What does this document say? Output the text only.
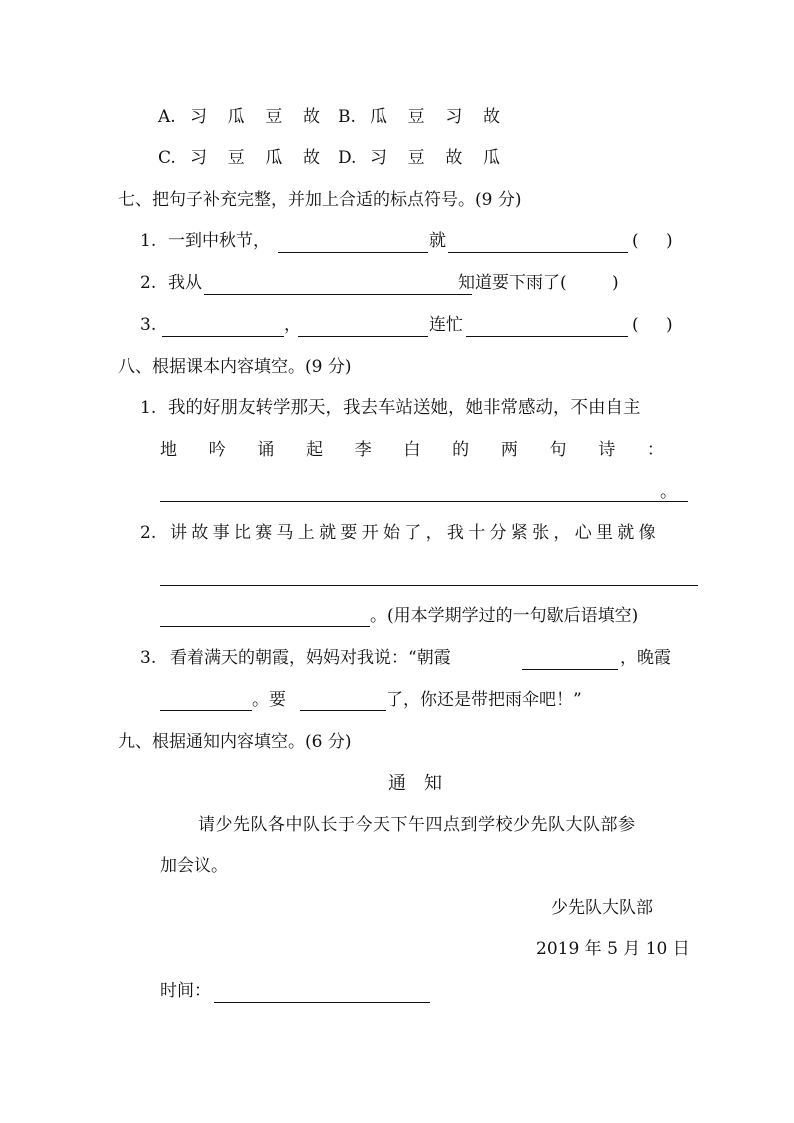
A. 习 瓜 豆 故 B. 瓜 豆 习 故
C. 习 豆 瓜 故 D. 习 豆 故 瓜
七、把句子补充完整，并加上合适的标点符号。(9 分)
1. 一到中秋节，	就	( )
2. 我从	知道要下雨了(	)
3.	，	连忙	( )
八、根据课本内容填空。(9 分)
1. 我的好朋友转学那天，我去车站送她，她非常感动，不由自主
地 吟 诵 起 李 白 的 两 句 诗 ：
。
2. 讲故事比赛马上就要开始了，我十分紧张，心里就像
。(用本学期学过的一句歇后语填空)
3. 看着满天的朝霞，妈妈对我说：“朝霞	，晚霞
。要	了，你还是带把雨伞吧！”
九、根据通知内容填空。(6 分)
通　知
请少先队各中队长于今天下午四点到学校少先队大队部参
加会议。
少先队大队部
2019 年 5 月 10 日
时间：
